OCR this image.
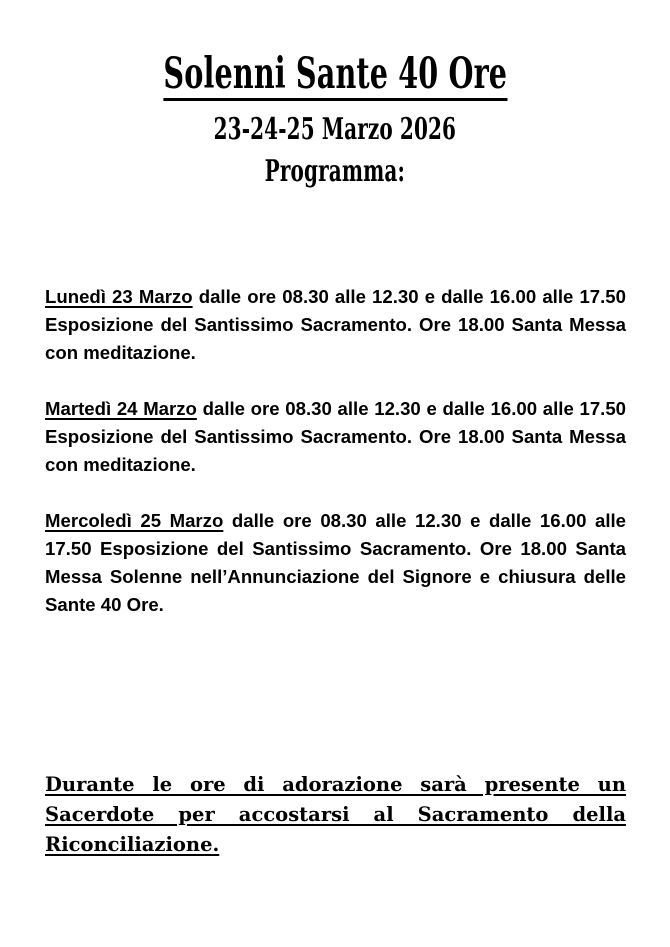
Solenni Sante 40 Ore
23-24-25 Marzo 2026
Programma:

Lunedì 23 Marzo dalle ore 08.30 alle 12.30 e dalle 16.00 alle 17.50 Esposizione del Santissimo Sacramento. Ore 18.00 Santa Messa con meditazione.

Martedì 24 Marzo dalle ore 08.30 alle 12.30 e dalle 16.00 alle 17.50 Esposizione del Santissimo Sacramento. Ore 18.00 Santa Messa con meditazione.

Mercoledì 25 Marzo dalle ore 08.30 alle 12.30 e dalle 16.00 alle 17.50 Esposizione del Santissimo Sacramento. Ore 18.00 Santa Messa Solenne nell’Annunciazione del Signore e chiusura delle Sante 40 Ore.

Durante le ore di adorazione sarà presente un Sacerdote per accostarsi al Sacramento della Riconciliazione.
